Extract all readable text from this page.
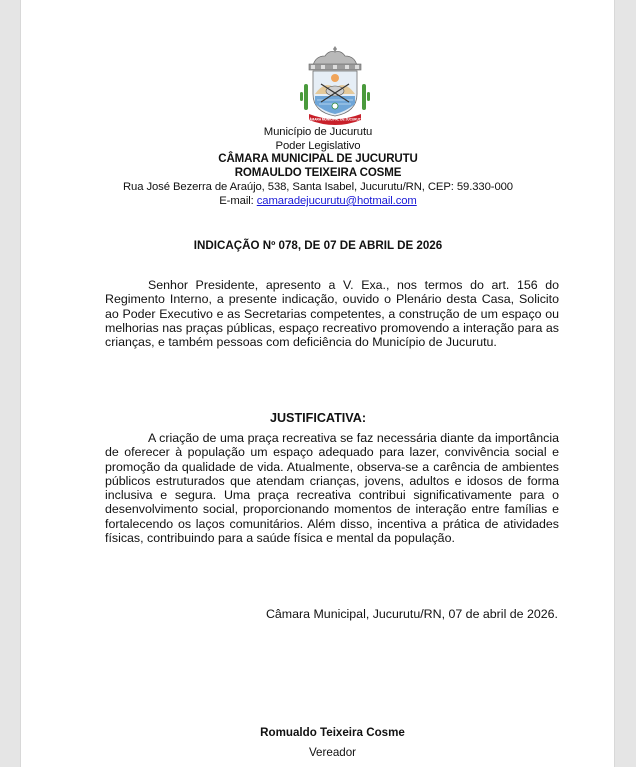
CÂMARA MUNICIPAL DE JUCURUTU
Município de Jucurutu
Poder Legislativo
CÂMARA MUNICIPAL DE JUCURUTU
ROMAULDO TEIXEIRA COSME
Rua José Bezerra de Araújo, 538, Santa Isabel, Jucurutu/RN, CEP: 59.330-000
E-mail: camaradejucurutu@hotmail.com
INDICAÇÃO Nº 078, DE 07 DE ABRIL DE 2026
Senhor Presidente, apresento a V. Exa., nos termos do art. 156 do Regimento Interno, a presente indicação, ouvido o Plenário desta Casa, Solicito ao Poder Executivo e as Secretarias competentes, a construção de um espaço ou melhorias nas praças públicas, espaço recreativo promovendo a interação para as crianças, e também pessoas com deficiência do Município de Jucurutu.
JUSTIFICATIVA:
A criação de uma praça recreativa se faz necessária diante da importância de oferecer à população um espaço adequado para lazer, convivência social e promoção da qualidade de vida. Atualmente, observa-se a carência de ambientes públicos estruturados que atendam crianças, jovens, adultos e idosos de forma inclusiva e segura. Uma praça recreativa contribui significativamente para o desenvolvimento social, proporcionando momentos de interação entre famílias e fortalecendo os laços comunitários. Além disso, incentiva a prática de atividades físicas, contribuindo para a saúde física e mental da população.
Câmara Municipal, Jucurutu/RN, 07 de abril de 2026.
Romualdo Teixeira Cosme
Vereador
